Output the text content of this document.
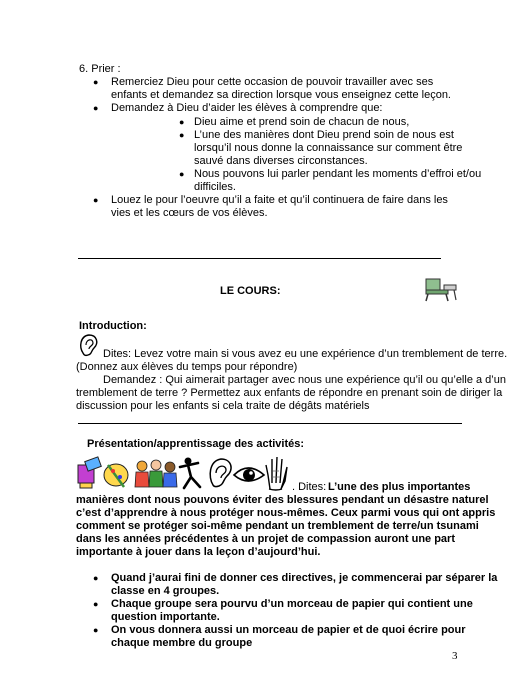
6. Prier :
● Remerciez Dieu pour cette occasion de pouvoir travailler avec ses
enfants et demandez sa direction lorsque vous enseignez cette leçon.
● Demandez à Dieu d’aider les élèves à comprendre que:
● Dieu aime et prend soin de chacun de nous,
● L’une des manières dont Dieu prend soin de nous est
lorsqu’il nous donne la connaissance sur comment être
sauvé dans diverses circonstances.
● Nous pouvons lui parler pendant les moments d’effroi et/ou
difficiles.
● Louez le pour l’oeuvre qu’il a faite et qu’il continuera de faire dans les
vies et les cœurs de vos élèves.
LE COURS:
Introduction:
Dites: Levez votre main si vous avez eu une expérience d’un tremblement de terre.
(Donnez aux élèves du temps pour répondre)
Demandez : Qui aimerait partager avec nous une expérience qu’il ou qu’elle a d’un
tremblement de terre ? Permettez aux enfants de répondre en prenant soin de diriger la
discussion pour les enfants si cela traite de dégâts matériels
Présentation/apprentissage des activités:
. Dites: L’une des plus importantes
manières dont nous pouvons éviter des blessures pendant un désastre naturel
c’est d’apprendre à nous protéger nous-mêmes. Ceux parmi vous qui ont appris
comment se protéger soi-même pendant un tremblement de terre/un tsunami
dans les années précédentes à un projet de compassion auront une part
importante à jouer dans la leçon d’aujourd’hui.
● Quand j’aurai fini de donner ces directives, je commencerai par séparer la
classe en 4 groupes.
● Chaque groupe sera pourvu d’un morceau de papier qui contient une
question importante.
● On vous donnera aussi un morceau de papier et de quoi écrire pour
chaque membre du groupe
3
